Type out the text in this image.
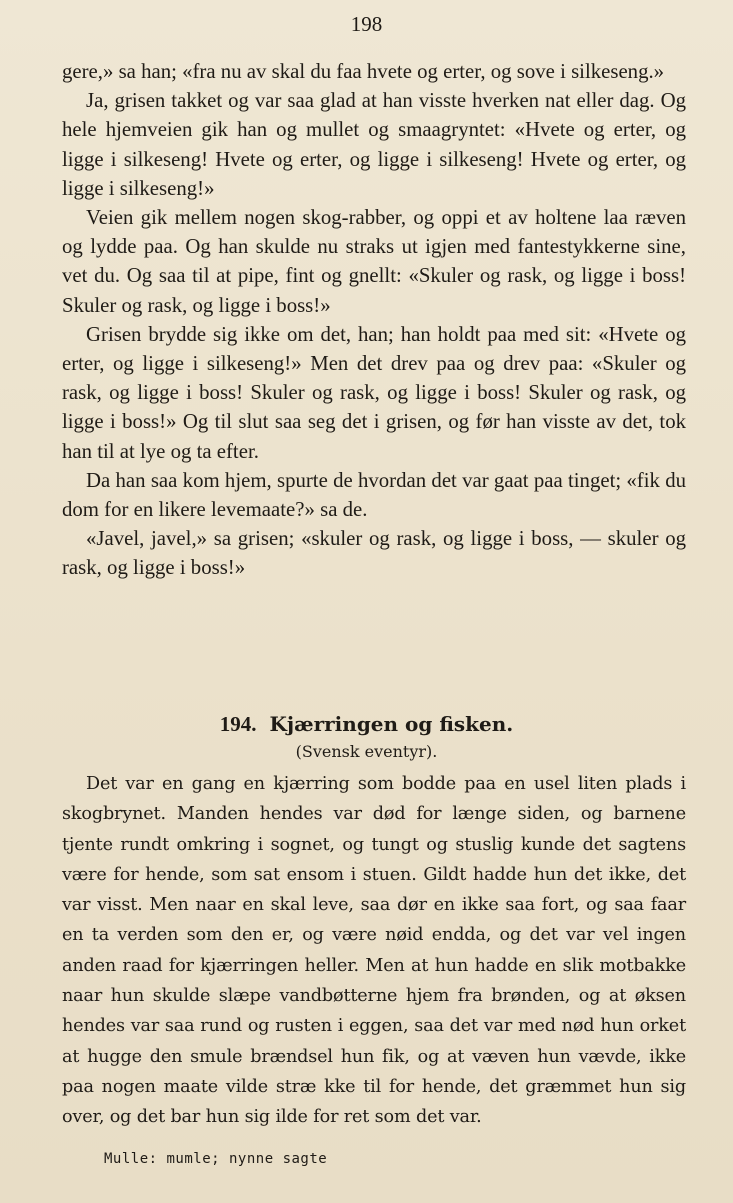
198

gere,» sa han; «fra nu av skal du faa hvete og erter, og sove i silkeseng.»

Ja, grisen takket og var saa glad at han visste hverken nat eller dag. Og hele hjemveien gik han og mullet og smaagryntet: «Hvete og erter, og ligge i silkeseng! Hvete og erter, og ligge i silkeseng! Hvete og erter, og ligge i silkeseng!»

Veien gik mellem nogen skog-rabber, og oppi et av holtene laa ræven og lydde paa. Og han skulde nu straks ut igjen med fantestykkerne sine, vet du. Og saa til at pipe, fint og gnellt: «Skuler og rask, og ligge i boss! Skuler og rask, og ligge i boss!»

Grisen brydde sig ikke om det, han; han holdt paa med sit: «Hvete og erter, og ligge i silkeseng!» Men det drev paa og drev paa: «Skuler og rask, og ligge i boss! Skuler og rask, og ligge i boss! Skuler og rask, og ligge i boss!» Og til slut saa seg det i grisen, og før han visste av det, tok han til at lye og ta efter.

Da han saa kom hjem, spurte de hvordan det var gaat paa tinget; «fik du dom for en likere levemaate?» sa de.

«Javel, javel,» sa grisen; «skuler og rask, og ligge i boss, — skuler og rask, og ligge i boss!»

194. Kjærringen og fisken.
(Svensk eventyr).

Det var en gang en kjærring som bodde paa en usel liten plads i skogbrynet. Manden hendes var død for længe siden, og barnene tjente rundt omkring i sognet, og tungt og stuslig kunde det sagtens være for hende, som sat ensom i stuen. Gildt hadde hun det ikke, det var visst. Men naar en skal leve, saa dør en ikke saa fort, og saa faar en ta verden som den er, og være nøid endda, og det var vel ingen anden raad for kjærringen heller. Men at hun hadde en slik motbakke naar hun skulde slæpe vandbøtterne hjem fra brønden, og at øksen hendes var saa rund og rusten i eggen, saa det var med nød hun orket at hugge den smule brændsel hun fik, og at væven hun vævde, ikke paa nogen maate vilde stræ kke til for hende, det græmmet hun sig over, og det bar hun sig ilde for ret som det var.

Mulle: mumle; nynne sagte
